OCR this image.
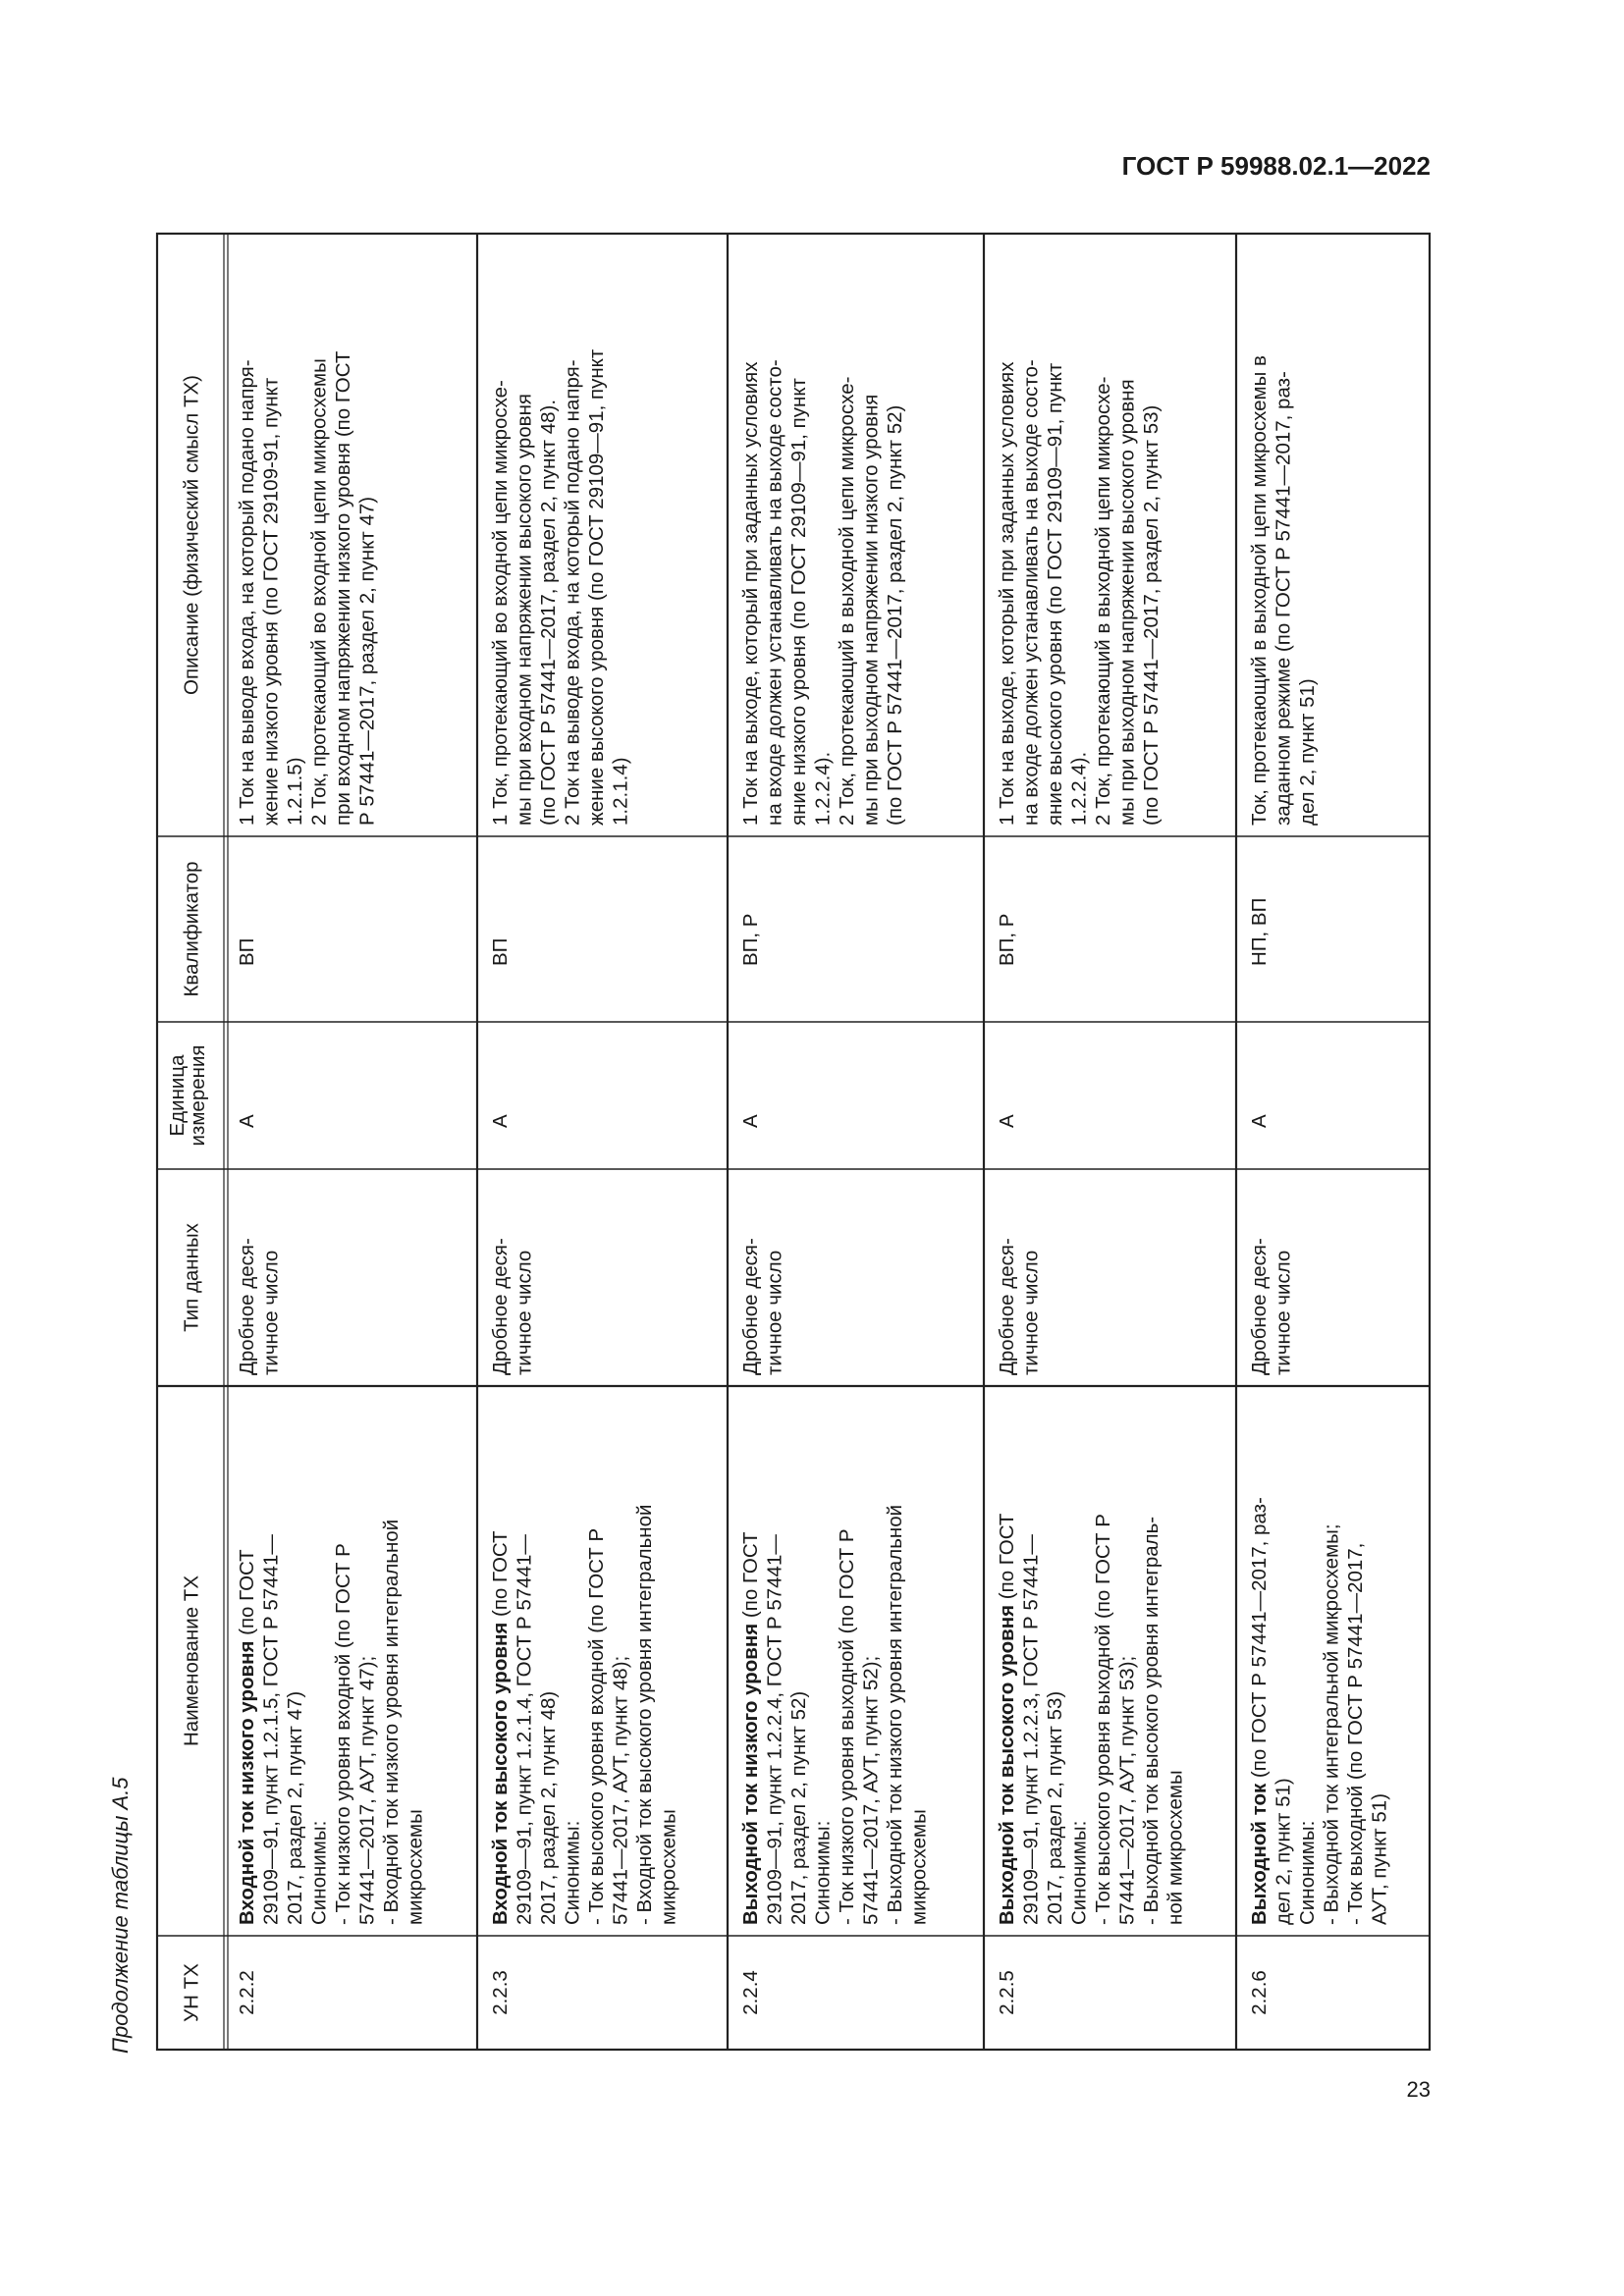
ГОСТ Р 59988.02.1—2022
23
Продолжение таблицы А.5 УН ТХ
Наименование ТХ
Тип данных
Единица
измерения
Квалификатор
Описание (физический смысл ТХ)
2.2.2
Входной ток низкого уровня (по ГОСТ 29109—91, пункт 1.2.1.5, ГОСТ Р 57441— 2017, раздел 2, пункт 47) Синонимы: - Ток низкого уровня входной (по ГОСТ Р 57441—2017, АУТ, пункт 47); - Входной ток низкого уровня интегральной микросхемы
Дробное деся- тичное число
А
ВП
1 Ток на выводе входа, на который подано напря- жение низкого уровня (по ГОСТ 29109-91, пункт 1.2.1.5) 2 Ток, протекающий во входной цепи микросхемы при входном напряжении низкого уровня (по ГОСТ Р 57441—2017, раздел 2, пункт 47)
2.2.3
Входной ток высокого уровня (по ГОСТ 29109—91, пункт 1.2.1.4, ГОСТ Р 57441— 2017, раздел 2, пункт 48) Синонимы: - Ток высокого уровня входной (по ГОСТ Р 57441—2017, АУТ, пункт 48); - Входной ток высокого уровня интегральной микросхемы
Дробное деся- тичное число
А
ВП
1 Ток, протекающий во входной цепи микросхе- мы при входном напряжении высокого уровня (по ГОСТ Р 57441—2017, раздел 2, пункт 48). 2 Ток на выводе входа, на который подано напря- жение высокого уровня (по ГОСТ 29109—91, пункт 1.2.1.4)
2.2.4
Выходной ток низкого уровня (по ГОСТ 29109—91, пункт 1.2.2.4, ГОСТ Р 57441— 2017, раздел 2, пункт 52) Синонимы: - Ток низкого уровня выходной (по ГОСТ Р 57441—2017, АУТ, пункт 52); - Выходной ток низкого уровня интегральной микросхемы
Дробное деся- тичное число
А
ВП, Р
1 Ток на выходе, который при заданных условиях на входе должен устанавливать на выходе состо- яние низкого уровня (по ГОСТ 29109—91, пункт 1.2.2.4). 2 Ток, протекающий в выходной цепи микросхе- мы при выходном напряжении низкого уровня (по ГОСТ Р 57441—2017, раздел 2, пункт 52)
2.2.5
Выходной ток высокого уровня (по ГОСТ 29109—91, пункт 1.2.2.3, ГОСТ Р 57441— 2017, раздел 2, пункт 53) Синонимы: - Ток высокого уровня выходной (по ГОСТ Р 57441—2017, АУТ, пункт 53); - Выходной ток высокого уровня интеграль- ной микросхемы
Дробное деся- тичное число
А
ВП, Р
1 Ток на выходе, который при заданных условиях на входе должен устанавливать на выходе состо- яние высокого уровня (по ГОСТ 29109—91, пункт 1.2.2.4). 2 Ток, протекающий в выходной цепи микросхе- мы при выходном напряжении высокого уровня (по ГОСТ Р 57441—2017, раздел 2, пункт 53)
2.2.6
Выходной ток (по ГОСТ Р 57441—2017, раз-
дел 2, пункт 51) Синонимы: - Выходной ток интегральной микросхемы; - Ток выходной (по ГОСТ Р 57441—2017, АУТ, пункт 51)
Дробное деся- тичное число
А
НП, ВП
Ток, протекающий в выходной цепи микросхемы в заданном режиме (по ГОСТ Р 57441—2017, раз- дел 2, пункт 51)
